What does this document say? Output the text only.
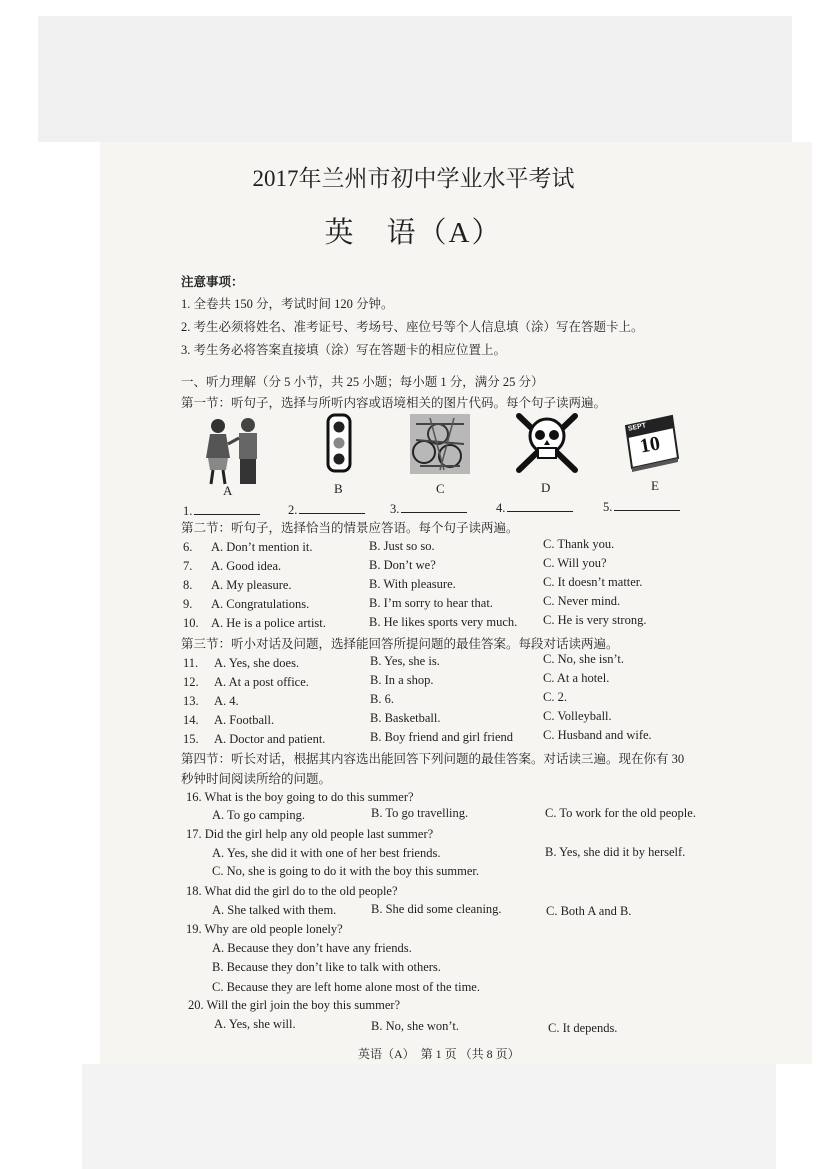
2017年兰州市初中学业水平考试
英　语（A）
注意事项：
1. 全卷共 150 分，考试时间 120 分钟。
2. 考生必须将姓名、准考证号、考场号、座位号等个人信息填（涂）写在答题卡上。
3. 考生务必将答案直接填（涂）写在答题卡的相应位置上。
一、听力理解（分 5 小节，共 25 小题；每小题 1 分，满分 25 分）
第一节：听句子，选择与所听内容或语境相关的图片代码。每个句子读两遍。
SEPT
10
A	B	C	D	E
1.	2.	3.	4.	5.
第二节：听句子，选择恰当的情景应答语。每个句子读两遍。
6. A. Don’t mention it.	B. Just so so.	C. Thank you.
7. A. Good idea.	B. Don’t we?	C. Will you?
8. A. My pleasure.	B. With pleasure.	C. It doesn’t matter.
9. A. Congratulations.	B. I’m sorry to hear that.	C. Never mind.
10. A. He is a police artist.	B. He likes sports very much. C. He is very strong.
第三节：听小对话及问题，选择能回答所提问题的最佳答案。每段对话读两遍。
11. A. Yes, she does.	B. Yes, she is.	C. No, she isn’t.
12. A. At a post office.	B. In a shop.	C. At a hotel.
13. A. 4.	B. 6.	C. 2.
14. A. Football.	B. Basketball.	C. Volleyball.
15. A. Doctor and patient.	B. Boy friend and girl friend C. Husband and wife.
第四节：听长对话，根据其内容选出能回答下列问题的最佳答案。对话读三遍。现在你有 30
秒钟时间阅读所给的问题。
16. What is the boy going to do this summer?
A. To go camping.	B. To go travelling.	C. To work for the old people.
17. Did the girl help any old people last summer?
A. Yes, she did it with one of her best friends.	B. Yes, she did it by herself.
C. No, she is going to do it with the boy this summer.
18. What did the girl do to the old people?
A. She talked with them.	B. She did some cleaning.	C. Both A and B.
19. Why are old people lonely?
A. Because they don’t have any friends.
B. Because they don’t like to talk with others.
C. Because they are left home alone most of the time.
20. Will the girl join the boy this summer?
A. Yes, she will.	B. No, she won’t.	C. It depends.
英语（A）　第 1 页 （共 8 页）
